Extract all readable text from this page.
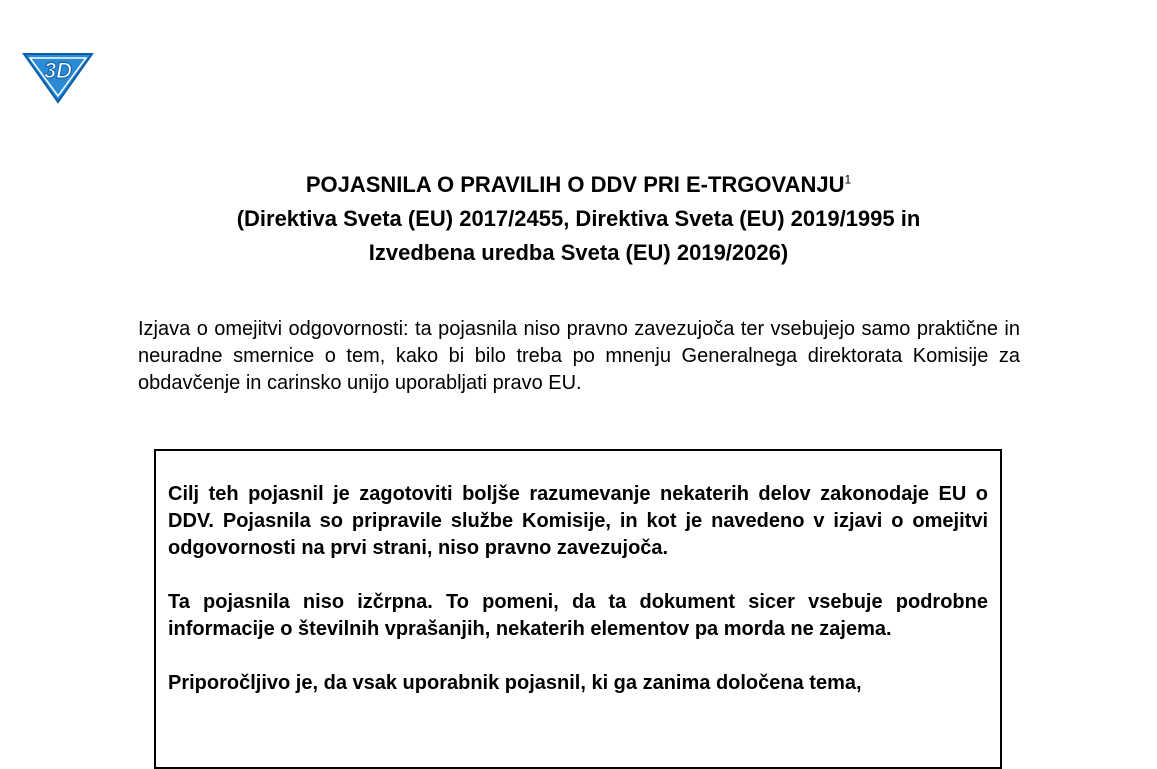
3D
POJASNILA O PRAVILIH O DDV PRI E-TRGOVANJU$^1$
(Direktiva Sveta (EU) 2017/2455, Direktiva Sveta (EU) 2019/1995 in
Izvedbena uredba Sveta (EU) 2019/2026)

Izjava o omejitvi odgovornosti: ta pojasnila niso pravno zavezujoča ter vsebujejo samo praktične in neuradne smernice o tem, kako bi bilo treba po mnenju Generalnega direktorata Komisije za obdavčenje in carinsko unijo uporabljati pravo EU.

Cilj teh pojasnil je zagotoviti boljše razumevanje nekaterih delov zakonodaje EU o DDV. Pojasnila so pripravile službe Komisije, in kot je navedeno v izjavi o omejitvi odgovornosti na prvi strani, niso pravno zavezujoča.

Ta pojasnila niso izčrpna. To pomeni, da ta dokument sicer vsebuje podrobne informacije o številnih vprašanjih, nekaterih elementov pa morda ne zajema.

Priporočljivo je, da vsak uporabnik pojasnil, ki ga zanima določena tema,
